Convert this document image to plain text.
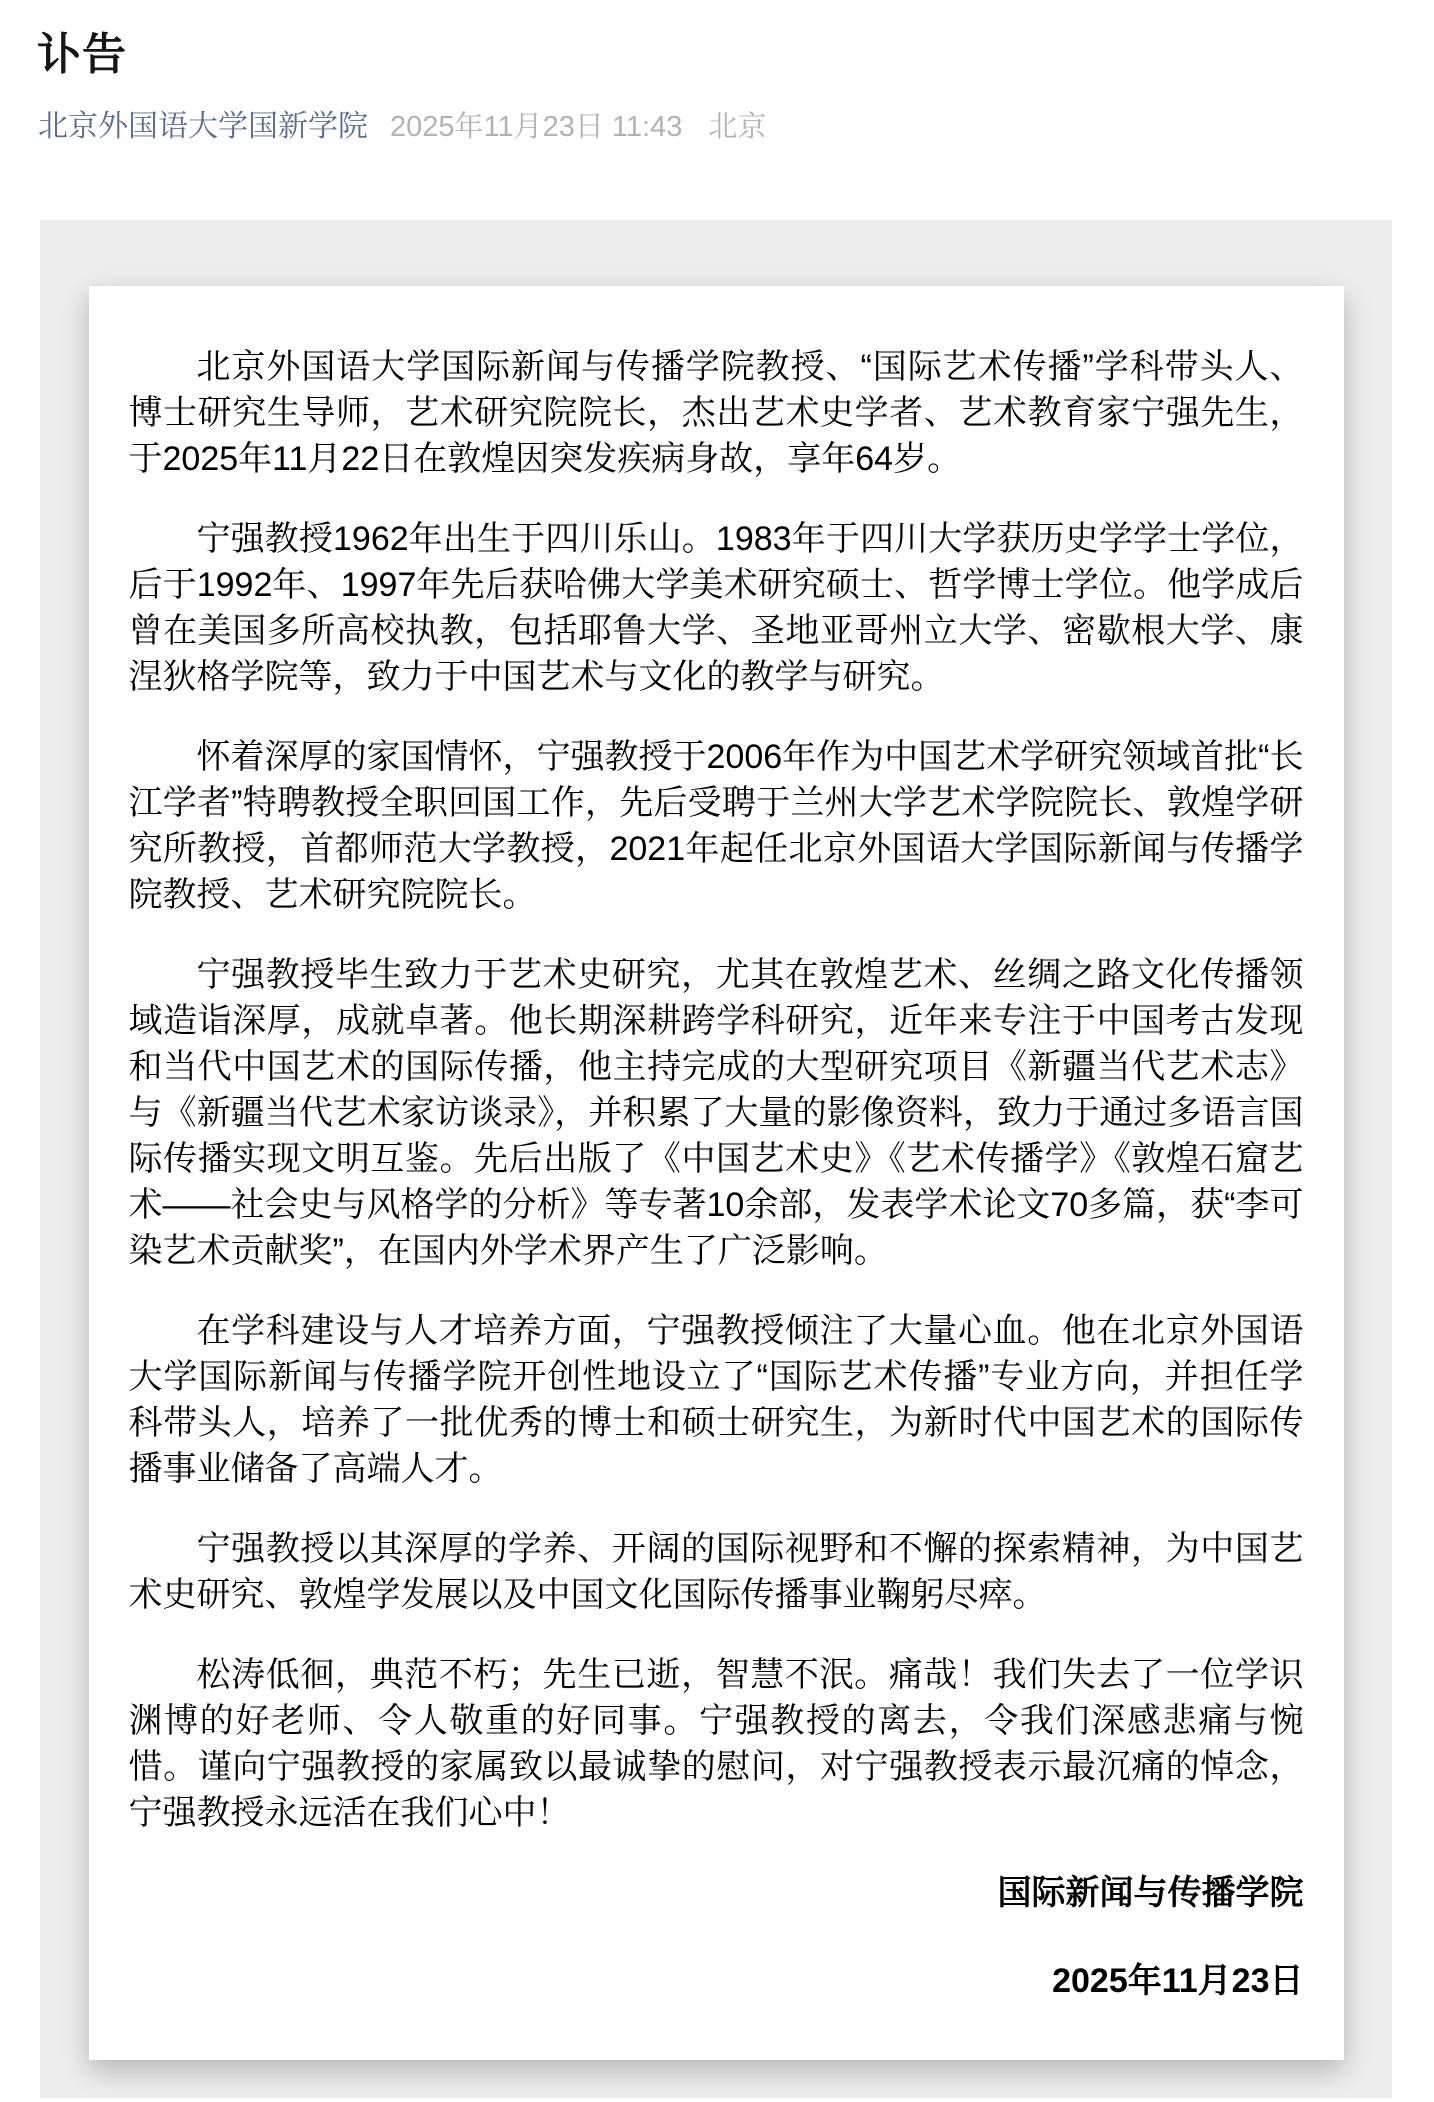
讣告
北京外国语大学国新学院 2025年11月23日 11:43 北京

北京外国语大学国际新闻与传播学院教授、“国际艺术传播”学科带头人、博士研究生导师，艺术研究院院长，杰出艺术史学者、艺术教育家宁强先生，于2025年11月22日在敦煌因突发疾病身故，享年64岁。

宁强教授1962年出生于四川乐山。1983年于四川大学获历史学学士学位，后于1992年、1997年先后获哈佛大学美术研究硕士、哲学博士学位。他学成后曾在美国多所高校执教，包括耶鲁大学、圣地亚哥州立大学、密歇根大学、康涅狄格学院等，致力于中国艺术与文化的教学与研究。

怀着深厚的家国情怀，宁强教授于2006年作为中国艺术学研究领域首批“长江学者”特聘教授全职回国工作，先后受聘于兰州大学艺术学院院长、敦煌学研究所教授，首都师范大学教授，2021年起任北京外国语大学国际新闻与传播学院教授、艺术研究院院长。

宁强教授毕生致力于艺术史研究，尤其在敦煌艺术、丝绸之路文化传播领域造诣深厚，成就卓著。他长期深耕跨学科研究，近年来专注于中国考古发现和当代中国艺术的国际传播，他主持完成的大型研究项目《新疆当代艺术志》与《新疆当代艺术家访谈录》，并积累了大量的影像资料，致力于通过多语言国际传播实现文明互鉴。先后出版了《中国艺术史》《艺术传播学》《敦煌石窟艺术——社会史与风格学的分析》等专著10余部，发表学术论文70多篇，获“李可染艺术贡献奖”，在国内外学术界产生了广泛影响。

在学科建设与人才培养方面，宁强教授倾注了大量心血。他在北京外国语大学国际新闻与传播学院开创性地设立了“国际艺术传播”专业方向，并担任学科带头人，培养了一批优秀的博士和硕士研究生，为新时代中国艺术的国际传播事业储备了高端人才。

宁强教授以其深厚的学养、开阔的国际视野和不懈的探索精神，为中国艺术史研究、敦煌学发展以及中国文化国际传播事业鞠躬尽瘁。

松涛低徊，典范不朽；先生已逝，智慧不泯。痛哉！我们失去了一位学识渊博的好老师、令人敬重的好同事。宁强教授的离去，令我们深感悲痛与惋惜。谨向宁强教授的家属致以最诚挚的慰问，对宁强教授表示最沉痛的悼念，宁强教授永远活在我们心中！

国际新闻与传播学院
2025年11月23日
